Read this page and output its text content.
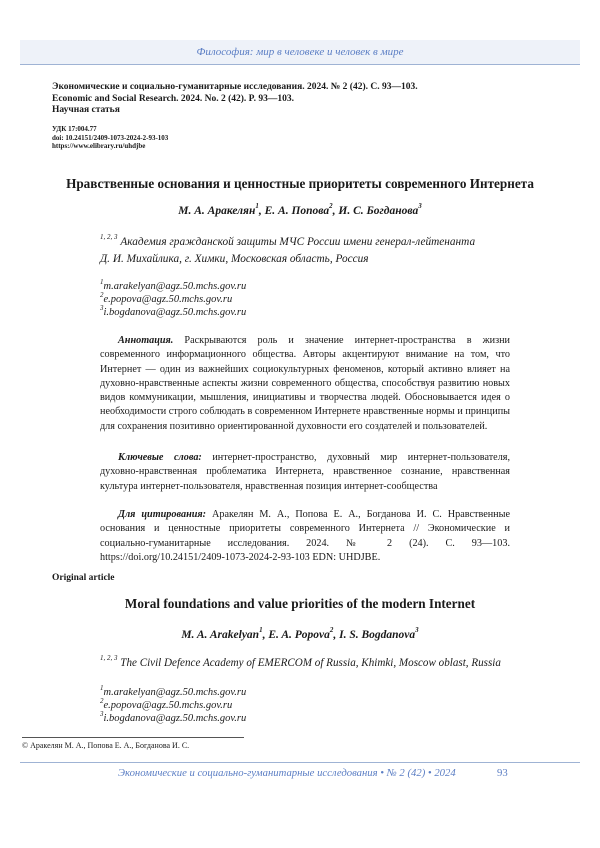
Философия: мир в человеке и человек в мире
Экономические и социально-гуманитарные исследования. 2024. № 2 (42). С. 93—103.
Economic and Social Research. 2024. No. 2 (42). P. 93—103.
Научная статья
УДК 17:004.77
doi: 10.24151/2409-1073-2024-2-93-103
https://www.elibrary.ru/uhdjbe
Нравственные основания и ценностные приоритеты современного Интернета
М. А. Аракелян$^1$, Е. А. Попова$^2$, И. С. Богданова$^3$
$^{1, 2, 3}$ Академия гражданской защиты МЧС России имени генерал-лейтенанта
Д. И. Михайлика, г. Химки, Московская область, Россия
$^1$m.arakelyan@agz.50.mchs.gov.ru
$^2$e.popova@agz.50.mchs.gov.ru
$^3$i.bogdanova@agz.50.mchs.gov.ru
Аннотация. Раскрываются роль и значение интернет-пространства в жизни современного информационного общества. Авторы акцентируют внимание на том, что Интернет — один из важнейших социокультурных феноменов, который активно влияет на духовно-нравственные аспекты жизни современного общества, способствуя развитию новых видов коммуникации, мышления, инициативы и творчества людей. Обосновывается идея о необходимости строго соблюдать в современном Интернете нравственные нормы и принципы для сохранения позитивно ориентированной духовности его создателей и пользователей.
Ключевые слова: интернет-пространство, духовный мир интернет-пользователя, духовно-нравственная проблематика Интернета, нравственное сознание, нравственная культура интернет-пользователя, нравственная позиция интернет-сообщества
Для цитирования: Аракелян М. А., Попова Е. А., Богданова И. С. Нравственные основания и ценностные приоритеты современного Интернета // Экономические и социально-гуманитарные исследования. 2024. № 2 (24). С. 93—103. https://doi.org/10.24151/2409-1073-2024-2-93-103 EDN: UHDJBE.
Original article
Moral foundations and value priorities of the modern Internet
M. A. Arakelyan$^1$, E. A. Popova$^2$, I. S. Bogdanova$^3$
$^{1, 2, 3}$ The Civil Defence Academy of EMERCOM of Russia, Khimki, Moscow oblast, Russia
$^1$m.arakelyan@agz.50.mchs.gov.ru
$^2$e.popova@agz.50.mchs.gov.ru
$^3$i.bogdanova@agz.50.mchs.gov.ru
© Аракелян М. А., Попова Е. А., Богданова И. С.
Экономические и социально-гуманитарные исследования • № 2 (42) • 2024	93
